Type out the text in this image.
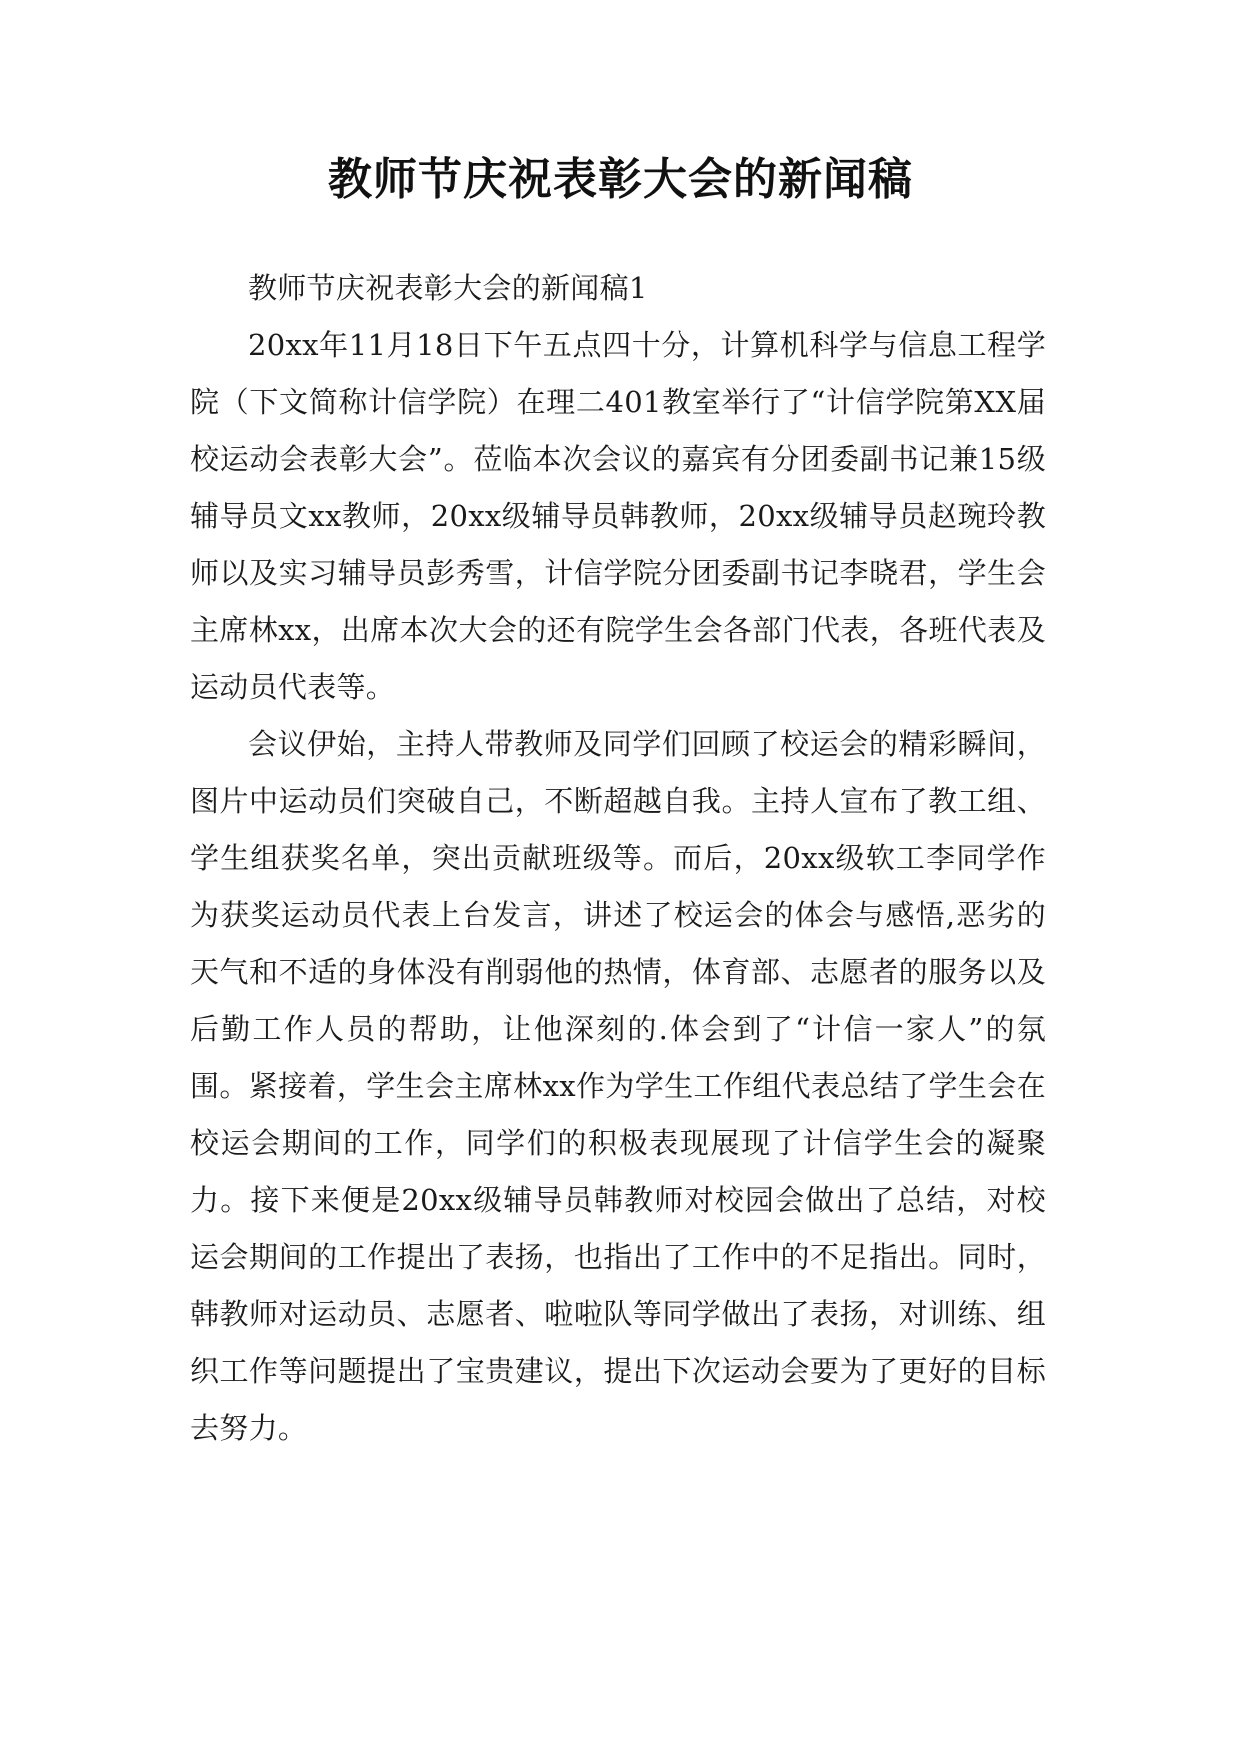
教师节庆祝表彰大会的新闻稿

教师节庆祝表彰大会的新闻稿1

20xx年11月18日下午五点四十分，计算机科学与信息工程学院（下文简称计信学院）在理二401教室举行了“计信学院第XX届校运动会表彰大会”。莅临本次会议的嘉宾有分团委副书记兼15级辅导员文xx教师，20xx级辅导员韩教师，20xx级辅导员赵琬玲教师以及实习辅导员彭秀雪，计信学院分团委副书记李晓君，学生会主席林xx，出席本次大会的还有院学生会各部门代表，各班代表及运动员代表等。

会议伊始，主持人带教师及同学们回顾了校运会的精彩瞬间，图片中运动员们突破自己，不断超越自我。主持人宣布了教工组、学生组获奖名单，突出贡献班级等。而后，20xx级软工李同学作为获奖运动员代表上台发言，讲述了校运会的体会与感悟,恶劣的天气和不适的身体没有削弱他的热情，体育部、志愿者的服务以及后勤工作人员的帮助，让他深刻的.体会到了“计信一家人”的氛围。紧接着，学生会主席林xx作为学生工作组代表总结了学生会在校运会期间的工作，同学们的积极表现展现了计信学生会的凝聚力。接下来便是20xx级辅导员韩教师对校园会做出了总结，对校运会期间的工作提出了表扬，也指出了工作中的不足指出。同时，韩教师对运动员、志愿者、啦啦队等同学做出了表扬，对训练、组织工作等问题提出了宝贵建议，提出下次运动会要为了更好的目标去努力。
